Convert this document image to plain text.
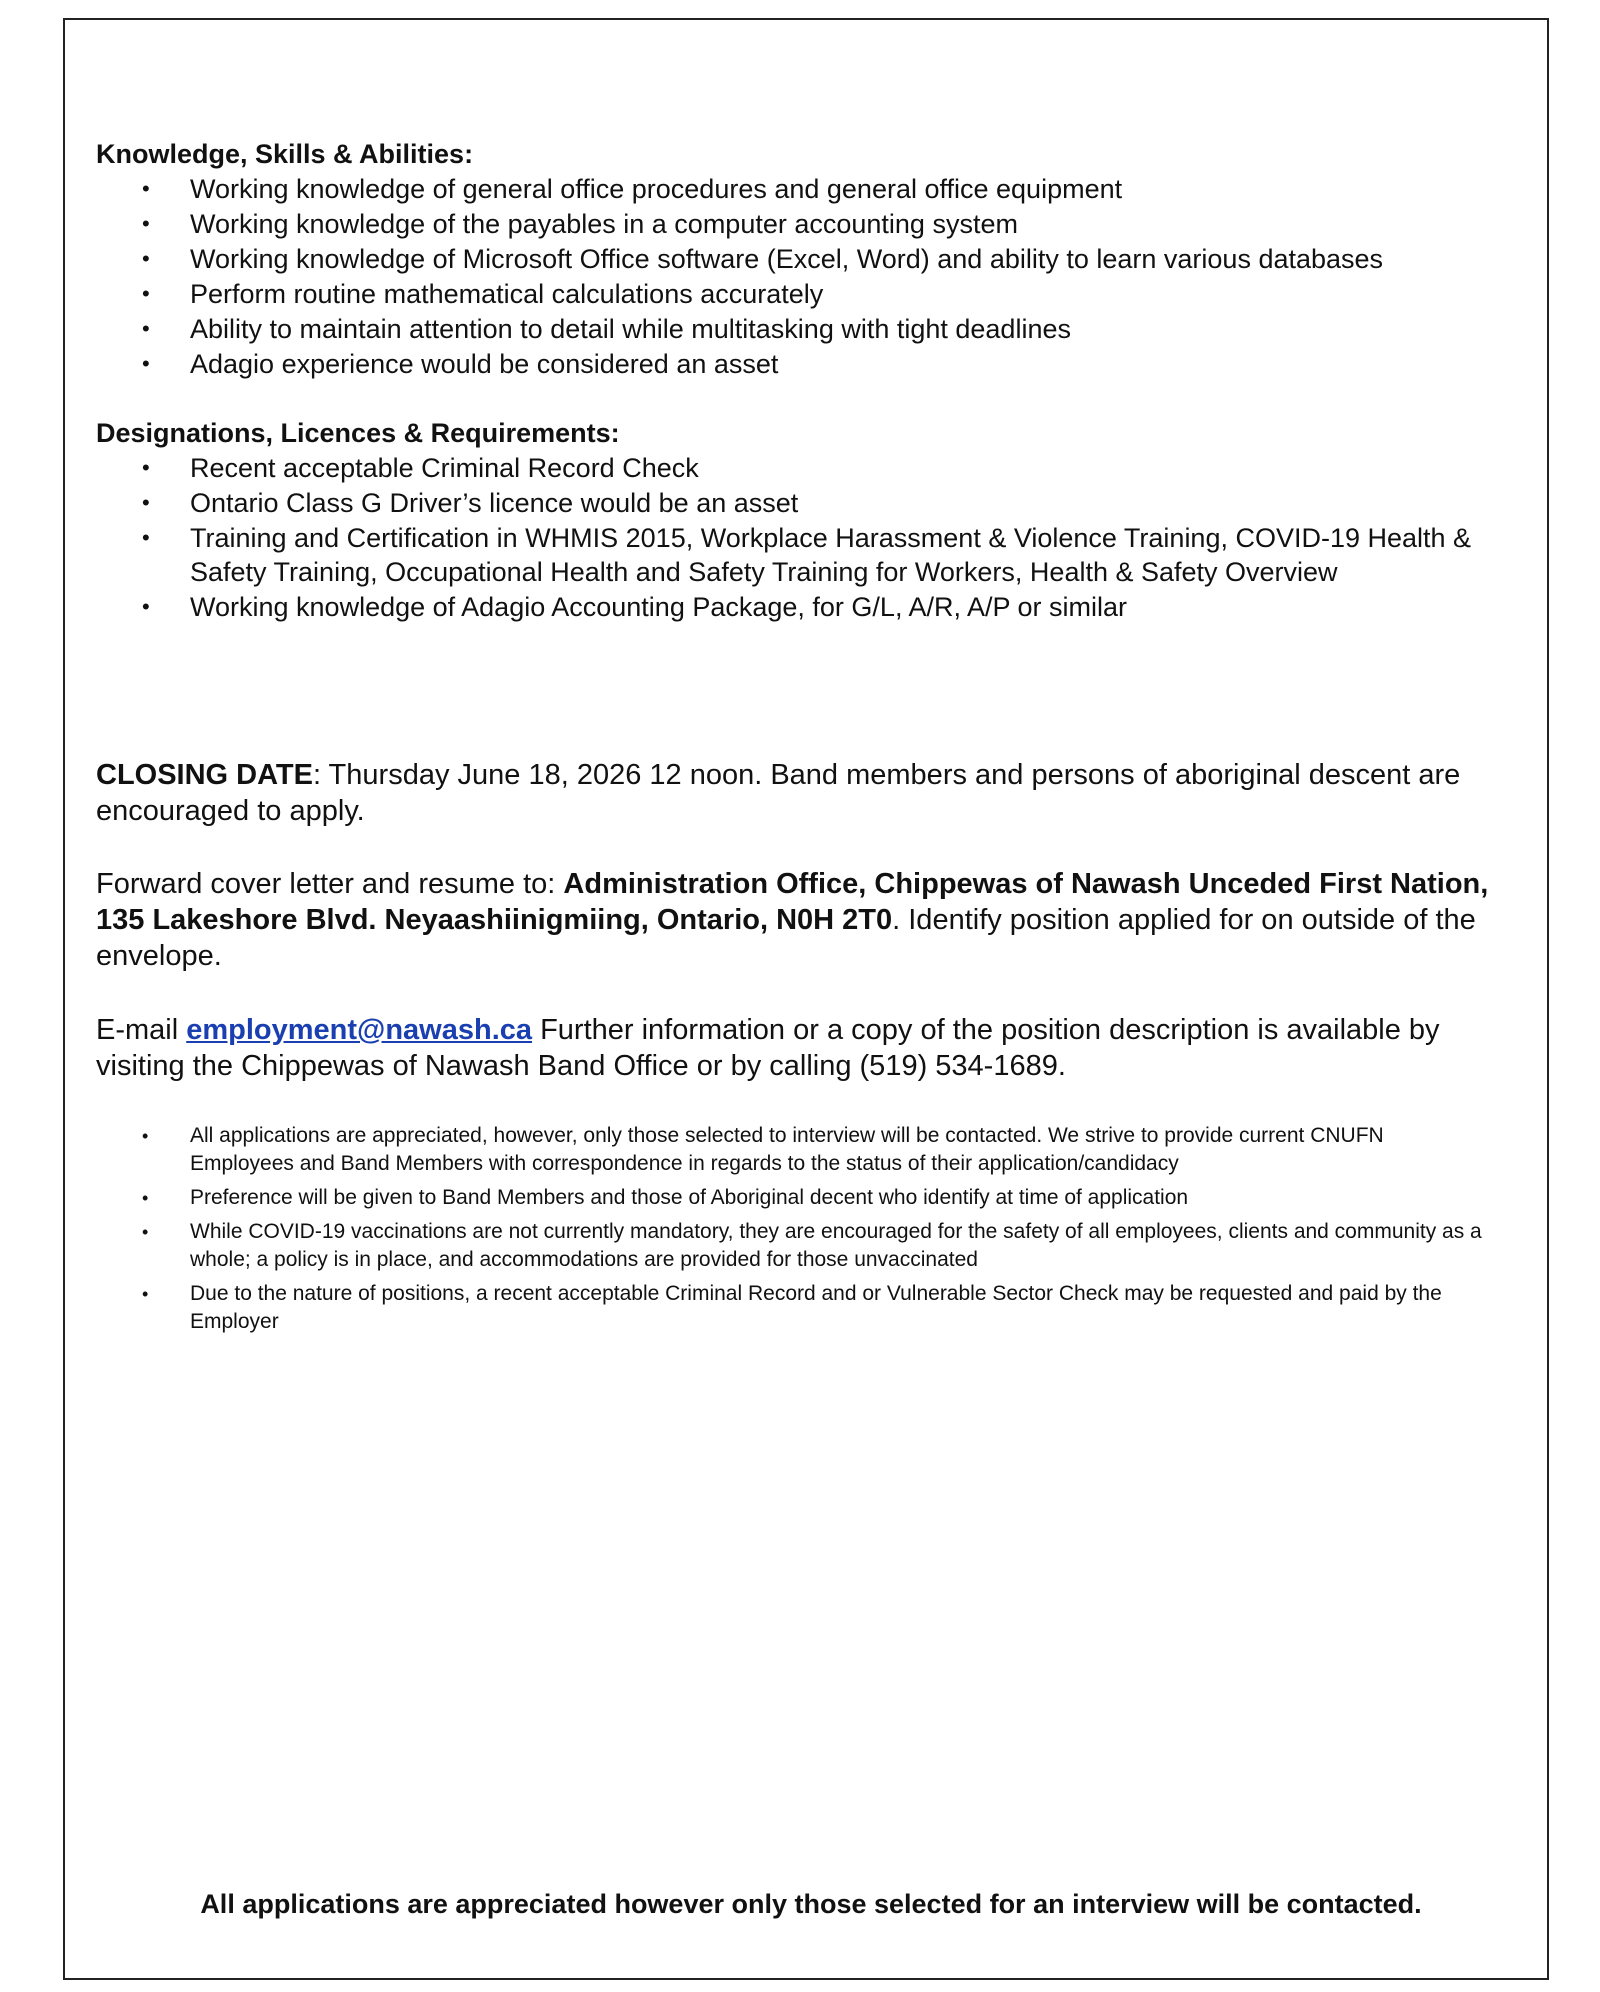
Knowledge, Skills & Abilities:
• Working knowledge of general office procedures and general office equipment
• Working knowledge of the payables in a computer accounting system
• Working knowledge of Microsoft Office software (Excel, Word) and ability to learn various databases
• Perform routine mathematical calculations accurately
• Ability to maintain attention to detail while multitasking with tight deadlines
• Adagio experience would be considered an asset
Designations, Licences & Requirements:
• Recent acceptable Criminal Record Check
• Ontario Class G Driver’s licence would be an asset
• Training and Certification in WHMIS 2015, Workplace Harassment & Violence Training, COVID-19 Health & Safety Training, Occupational Health and Safety Training for Workers, Health & Safety Overview
• Working knowledge of Adagio Accounting Package, for G/L, A/R, A/P or similar

CLOSING DATE: Thursday June 18, 2026 12 noon. Band members and persons of aboriginal descent are encouraged to apply.

Forward cover letter and resume to: Administration Office, Chippewas of Nawash Unceded First Nation, 135 Lakeshore Blvd. Neyaashiinigmiing, Ontario, N0H 2T0. Identify position applied for on outside of the envelope.

E-mail employment@nawash.ca Further information or a copy of the position description is available by visiting the Chippewas of Nawash Band Office or by calling (519) 534-1689.

• All applications are appreciated, however, only those selected to interview will be contacted. We strive to provide current CNUFN Employees and Band Members with correspondence in regards to the status of their application/candidacy
• Preference will be given to Band Members and those of Aboriginal decent who identify at time of application
• While COVID-19 vaccinations are not currently mandatory, they are encouraged for the safety of all employees, clients and community as a whole; a policy is in place, and accommodations are provided for those unvaccinated
• Due to the nature of positions, a recent acceptable Criminal Record and or Vulnerable Sector Check may be requested and paid by the Employer

All applications are appreciated however only those selected for an interview will be contacted.
